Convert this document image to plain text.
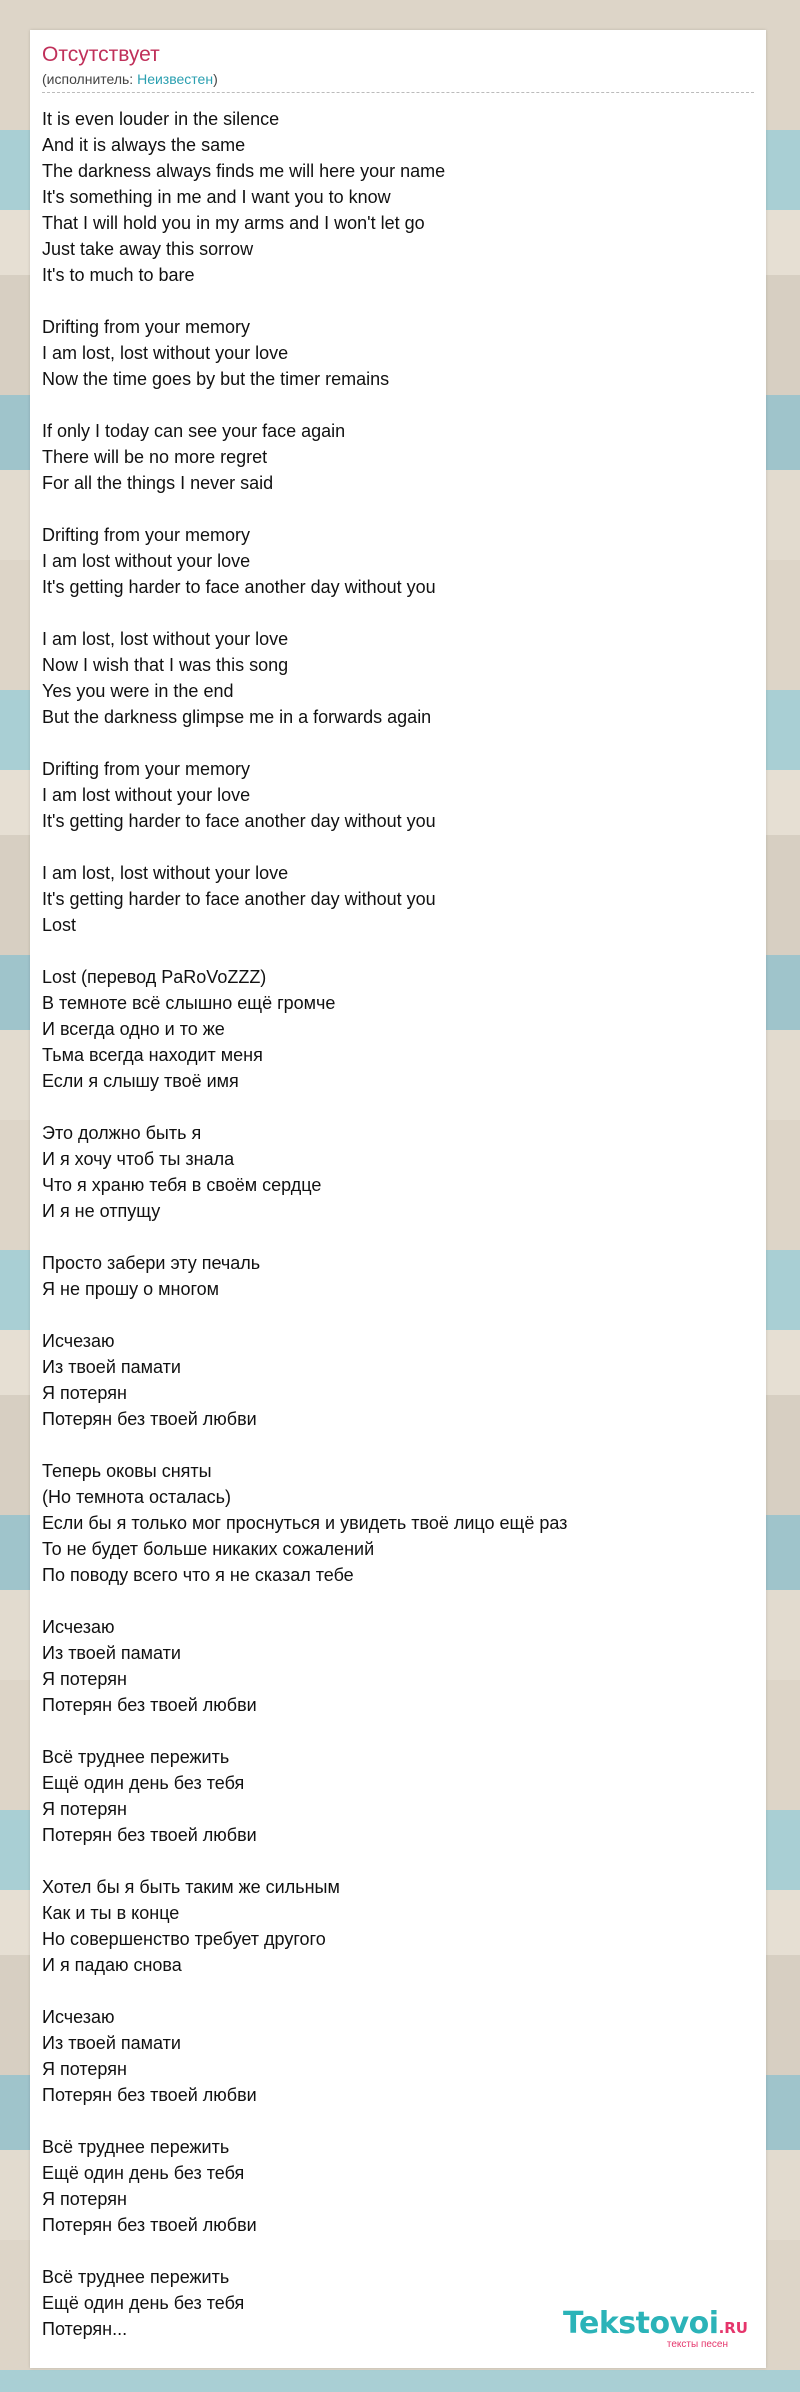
Отсутствует
(исполнитель: Неизвестен)
It is even louder in the silence
And it is always the same
The darkness always finds me will here your name
It's something in me and I want you to know
That I will hold you in my arms and I won't let go
Just take away this sorrow
It's to much to bare
Drifting from your memory
I am lost, lost without your love
Now the time goes by but the timer remains
If only I today can see your face again
There will be no more regret
For all the things I never said
Drifting from your memory
I am lost without your love
It's getting harder to face another day without you
I am lost, lost without your love
Now I wish that I was this song
Yes you were in the end
But the darkness glimpse me in a forwards again
Drifting from your memory
I am lost without your love
It's getting harder to face another day without you
I am lost, lost without your love
It's getting harder to face another day without you
Lost
Lost (перевод PaRoVoZZZ)
В темноте всё слышно ещё громче
И всегда одно и то же
Тьма всегда находит меня
Если я слышу твоё имя
Это должно быть я
И я хочу чтоб ты знала
Что я храню тебя в своём сердце
И я не отпущу
Просто забери эту печаль
Я не прошу о многом
Исчезаю
Из твоей памати
Я потерян
Потерян без твоей любви
Теперь оковы сняты
(Но темнота осталась)
Если бы я только мог проснуться и увидеть твоё лицо ещё раз
То не будет больше никаких сожалений
По поводу всего что я не сказал тебе
Исчезаю
Из твоей памати
Я потерян
Потерян без твоей любви
Всё труднее пережить
Ещё один день без тебя
Я потерян
Потерян без твоей любви
Хотел бы я быть таким же сильным
Как и ты в конце
Но совершенство требует другого
И я падаю снова
Исчезаю
Из твоей памати
Я потерян
Потерян без твоей любви
Всё труднее пережить
Ещё один день без тебя
Я потерян
Потерян без твоей любви
Всё труднее пережить
Ещё один день без тебя
Потерян...	Tekstovoi.RU
тексты песен
